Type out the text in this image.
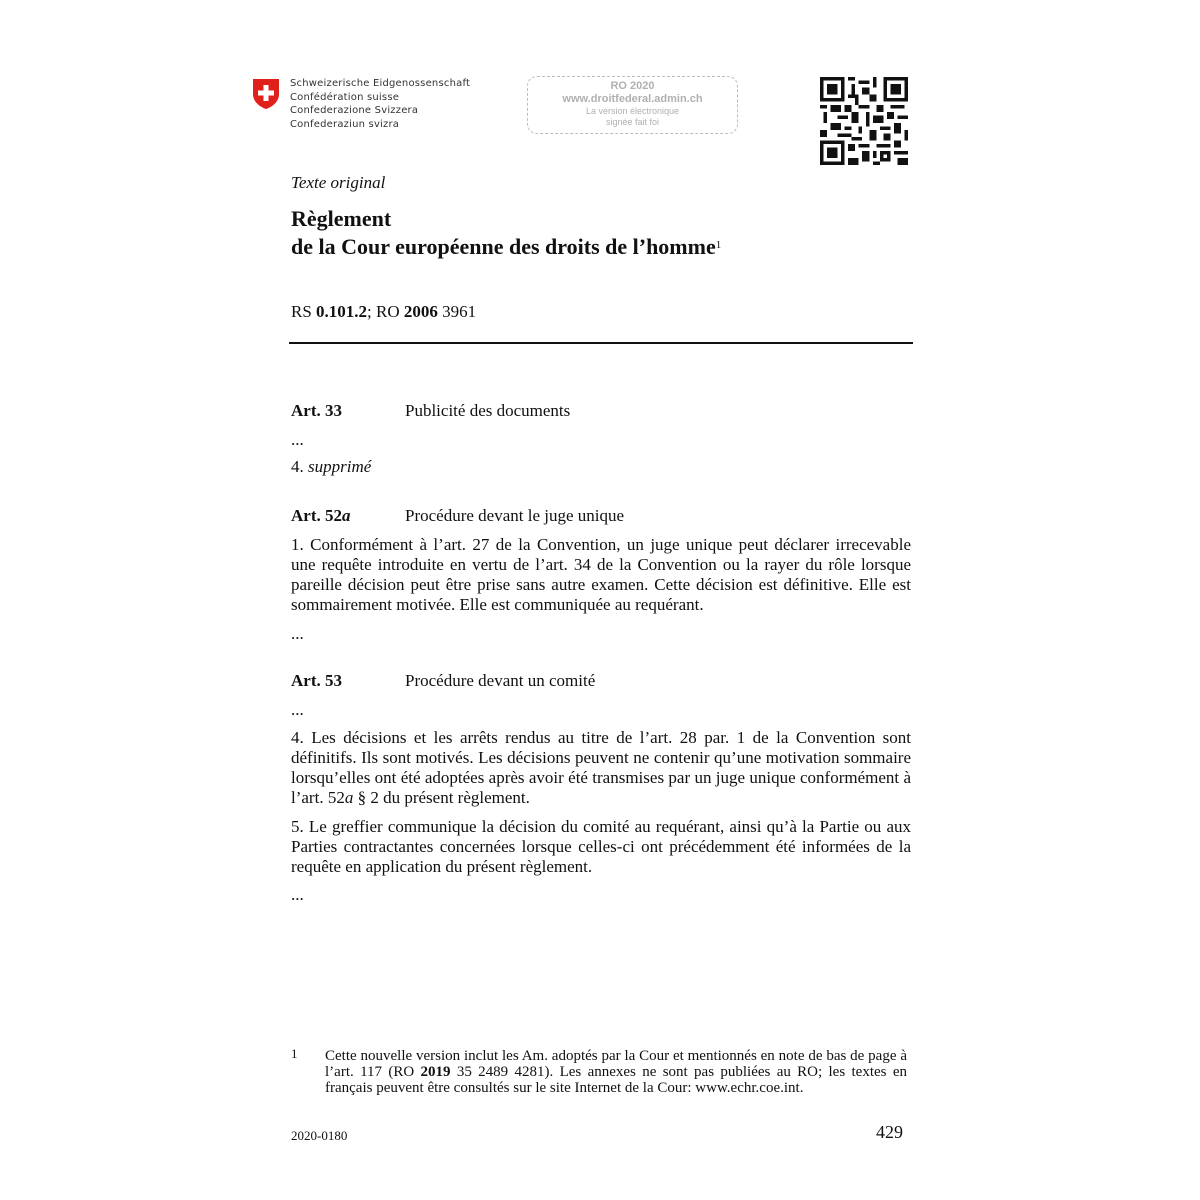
Schweizerische Eidgenossenschaft
Confédération suisse
Confederazione Svizzera
Confederaziun svizra
RO 2020
www.droitfederal.admin.ch
La version électronique
signée fait foi
Texte original
Règlement
de la Cour européenne des droits de l’homme$^1$
RS 0.101.2; RO 2006 3961
Art. 33	Publicité des documents
...
4. supprimé
Art. 52a	Procédure devant le juge unique
1. Conformément à l’art. 27 de la Convention, un juge unique peut déclarer irrecevable une requête introduite en vertu de l’art. 34 de la Convention ou la rayer du rôle lorsque pareille décision peut être prise sans autre examen. Cette décision est définitive. Elle est sommairement motivée. Elle est communiquée au requérant.
...
Art. 53	Procédure devant un comité
...
4. Les décisions et les arrêts rendus au titre de l’art. 28 par. 1 de la Convention sont définitifs. Ils sont motivés. Les décisions peuvent ne contenir qu’une motivation sommaire lorsqu’elles ont été adoptées après avoir été transmises par un juge unique conformément à l’art. 52a § 2 du présent règlement.
5. Le greffier communique la décision du comité au requérant, ainsi qu’à la Partie ou aux Parties contractantes concernées lorsque celles-ci ont précédemment été informées de la requête en application du présent règlement.
...
1 Cette nouvelle version inclut les Am. adoptés par la Cour et mentionnés en note de bas de page à l’art. 117 (RO 2019 35 2489 4281). Les annexes ne sont pas publiées au RO; les textes en français peuvent être consultés sur le site Internet de la Cour: www.echr.coe.int.
2020-0180	429
